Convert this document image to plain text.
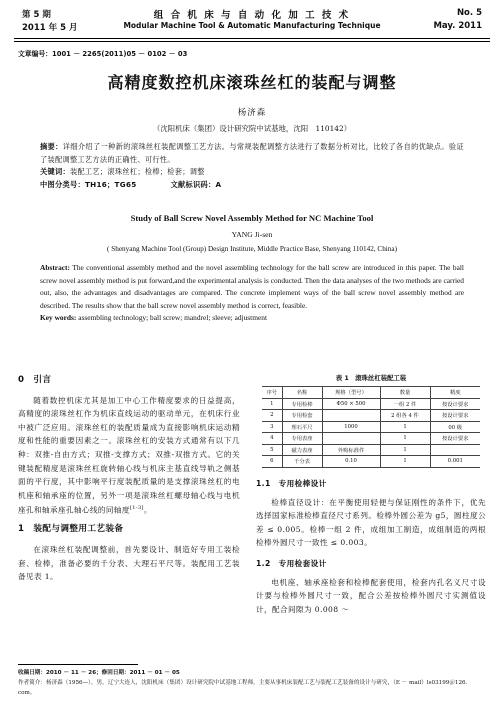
第 5 期
2011 年 5 月
组 合 机 床 与 自 动 化 加 工 技 术
Modular Machine Tool & Automatic Manufacturing Technique
No. 5
May. 2011
文章编号：1001 － 2265(2011)05 － 0102 － 03
高精度数控机床滚珠丝杠的装配与调整
杨济森
（沈阳机床（集团）设计研究院中试基地，沈阳　110142）
摘要：详细介绍了一种新的滚珠丝杠装配调整工艺方法。与常规装配调整方法进行了数据分析对比，比较了各自的优缺点。验证了装配调整工艺方法的正确性、可行性。
关键词：装配工艺；滚珠丝杠；检棒；检套；调整
中图分类号：TH16；TG65	文献标识码：A
Study of Ball Screw Novel Assembly Method for NC Machine Tool
YANG Ji-sen
( Shenyang Machine Tool (Group) Design Institute, Middle Practice Base, Shenyang 110142, China)
Abstract: The conventional assembly method and the novel assembling technology for the ball screw are introduced in this paper. The ball screw novel assembly method is put forward,and the experimental analysis is conducted. Then the data analyses of the two methods are carried out, also, the advantages and disadvantages are compared. The concrete implement ways of the ball screw novel assembly method are described. The results show that the ball screw novel assembly method is correct, feasible.
Key words: assembling technology; ball screw; mandrel; sleeve; adjustment
0　引言

随着数控机床尤其是加工中心工作精度要求的日益提高，高精度的滚珠丝杠作为机床直线运动的驱动单元，在机床行业中被广泛应用。滚珠丝杠的装配质量成为直接影响机床运动精度和性能的重要因素之一。滚珠丝杠的安装方式通常有以下几种：双推-自由方式；双推-支撑方式；双推-双推方式。它的关键装配精度是滚珠丝杠旋转轴心线与机床主基直线导轨之侧基面的平行度，其中影响平行度装配质量的是支撑滚珠丝杠的电机座和轴承座的位置，另外一项是滚珠丝杠螺母轴心线与电机座孔和轴承座孔轴心线的同轴度[1-3]。

1　装配与调整用工艺装备

在滚珠丝杠装配调整前，首先要设计、制造好专用工装检套、检棒，准备必要的千分表、大理石平尺等。装配用工艺装备见表 1。

表 1　滚珠丝杠装配工装
序号	名称	规格（型号）	数量	精度
1	专用检棒	Φ50 × 500	一组 2 件	按设计要求
2	专用检套		2 组各 4 件	按设计要求
3	理石平尺	1000	1	00 级
4	专用表座		1	按设计要求
5	磁力表座	外购标准件	1	
6	千分表	0.10	1	0.001
1.1　专用检棒设计

检棒直径设计：在平衡使用轻便与保证刚性的条件下，优先选择国家标准检棒直径尺寸系列。检棒外圆公差为 g5，圆柱度公差 ≤ 0.005。检棒一组 2 件，成组加工制造，成组制造的两根检棒外圆尺寸一致性 ≤ 0.003。

1.2　专用检套设计

电机座、轴承座检套和检棒配套使用，检套内孔名义尺寸设计要与检棒外圆尺寸一致，配合公差按检棒外圆尺寸实测值设计，配合间隙为 0.008 ～

收稿日期：2010 － 11 － 26；修回日期：2011 － 01 － 05
作者简介：杨济森（1956—），男，辽宁大连人，沈阳机床（集团）设计研究院中试基地工程师，主要从事机床装配工艺与装配工艺装备的设计与研究，（E － mail）ls03199＠126. com。
